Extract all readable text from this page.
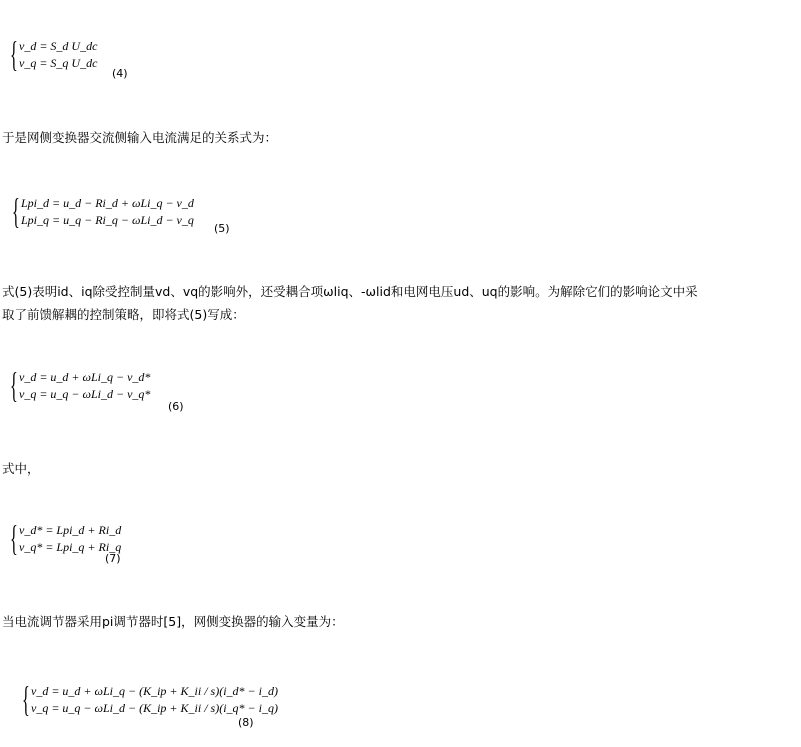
{ v_d = S_d U_dc
v_q = S_q U_dc
(4)
于是网侧变换器交流侧输入电流满足的关系式为：
{ Lpi_d = u_d − Ri_d + ωLi_q − v_d
Lpi_q = u_q − Ri_q − ωLi_d − v_q
(5)
式(5)表明id、iq除受控制量vd、vq的影响外，还受耦合项ωliq、-ωlid和电网电压ud、uq的影响。为解除它们的影响论文中采
取了前馈解耦的控制策略，即将式(5)写成：
{ v_d = u_d + ωLi_q − v_d*
v_q = u_q − ωLi_d − v_q*
(6)
式中，
{ v_d* = Lpi_d + Ri_d
v_q* = Lpi_q + Ri_q
(7)
当电流调节器采用pi调节器时[5]，网侧变换器的输入变量为：
{ v_d = u_d + ωLi_q − (K_ip + K_ii / s)(i_d* − i_d)
v_q = u_q − ωLi_d − (K_ip + K_ii / s)(i_q* − i_q)
(8)
